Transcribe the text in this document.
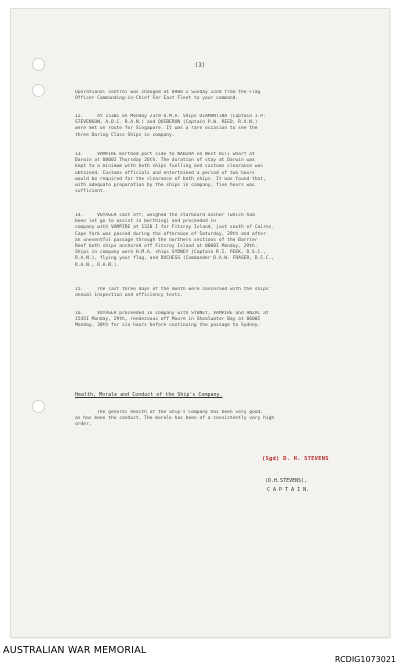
(3)
Operational control was changed at 0900 I Sunday 22nd from the Flag
Officer Commanding-in-Chief Far East Fleet to your command.
12.     At 1530I on Monday 23rd H.M.A. Ships DIAMANTINA (Captain J.P.
STEVENSON, A.D.C. R.A.N.) and QUIBERON (Captain P.W. REED, R.A.N.)
were met on route for Singapore. It was a rare occasion to see the
three Daring Class Ships in company.
13.     VAMPIRE berthed port side to NABIRA on West Hill wharf at
Darwin at 0800I Thursday 26th. The duration of stay at Darwin was
kept to a minimum with both ships fuelling and customs clearance was
obtained. Customs officials and entertained a period of two hours
would be required for the clearance of both ships. It was found that,
with adequate preparation by the ships in company, five hours was
sufficient.
14.     VOYAGER cast off, weighed the starboard anchor (which had
been let go to assist in berthing) and proceeded in
company with VAMPIRE at 1320 I for Fitzroy Island, just south of Cairns.
Cape York was passed during the afternoon of Saturday, 29th and after
an uneventful passage through the northern sections of the Barrier
Reef both ships anchored off Fitzroy Island at 0800I Monday, 29th.
Ships in company were H.M.A. ships SYDNEY (Captain R.I. PEEK, D.S.C.,
R.A.N.), flying your flag, and DUCHESS (Commander D.A.W. FRASER, D.S.C.,
R.A.N., R.A.N.).
15.     The last three days of the month were concerned with the ships'
annual inspection and efficiency tests.
16.     VOYAGER proceeded in company with SYDNEY, VAMPIRE and ANZAC at
1545I Monday, 29th, rendezvous off Moore in Shoalwater Bay at 0600I
Monday, 30th for six hours before continuing the passage to Sydney.
Health, Morale and Conduct of the Ship's Company.
The general health of the Ship's Company has been very good,
as has been the conduct. The morale has been of a consistently very high
order.
(Sgd) D. H. STEVENS
(D.H.STEVENS),
C A P T A I N.
AUSTRALIAN WAR MEMORIAL
RCDIG1073021
